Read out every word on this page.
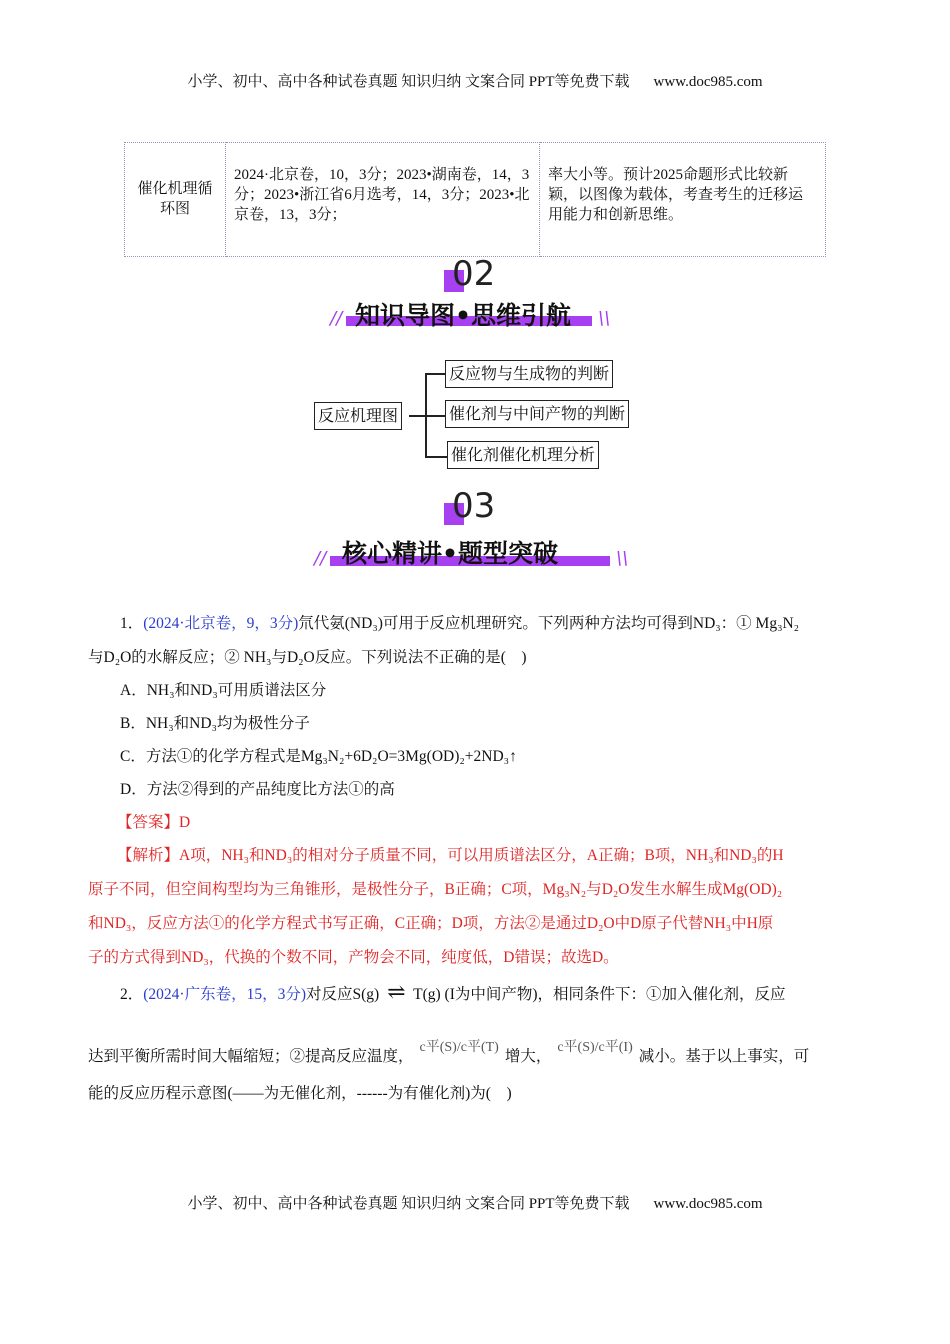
小学、初中、高中各种试卷真题 知识归纳 文案合同 PPT等免费下载 www.doc985.com
催化机理循环图	2024·北京卷，10，3分；2023•湖南卷，14，3分；2023•浙江省6月选考，14，3分；2023•北京卷，13，3分；	率大小等。预计2025命题形式比较新颖，以图像为载体，考查考生的迁移运用能力和创新思维。
02
知识导图•思维引航
//	\\
反应机理图
反应物与生成物的判断
催化剂与中间产物的判断
催化剂催化机理分析
03
核心精讲•题型突破
//	\\
1．(2024·北京卷，9，3分)氘代氨(ND₃)可用于反应机理研究。下列两种方法均可得到ND₃：① Mg₃N₂
与D₂O的水解反应；② NH₃与D₂O反应。下列说法不正确的是(　)
A．NH₃和ND₃可用质谱法区分
B．NH₃和ND₃均为极性分子
C．方法①的化学方程式是Mg₃N₂+6D₂O=3Mg(OD)₂+2ND₃↑
D．方法②得到的产品纯度比方法①的高
【答案】D
【解析】A项，NH₃和ND₃的相对分子质量不同，可以用质谱法区分，A正确；B项，NH₃和ND₃的H
原子不同，但空间构型均为三角锥形，是极性分子，B正确；C项，Mg₃N₂与D₂O发生水解生成Mg(OD)₂
和ND₃，反应方法①的化学方程式书写正确，C正确；D项，方法②是通过D₂O中D原子代替NH₃中H原
子的方式得到ND₃，代换的个数不同，产物会不同，纯度低，D错误；故选D。
2．(2024·广东卷，15，3分)对反应S(g) ⇌ T(g) (I为中间产物)，相同条件下：①加入催化剂，反应
达到平衡所需时间大幅缩短；②提高反应温度，c平(S)/c平(T)增大，c平(S)/c平(I)减小。基于以上事实，可
能的反应历程示意图(——为无催化剂，------为有催化剂)为(　)
小学、初中、高中各种试卷真题 知识归纳 文案合同 PPT等免费下载 www.doc985.com
